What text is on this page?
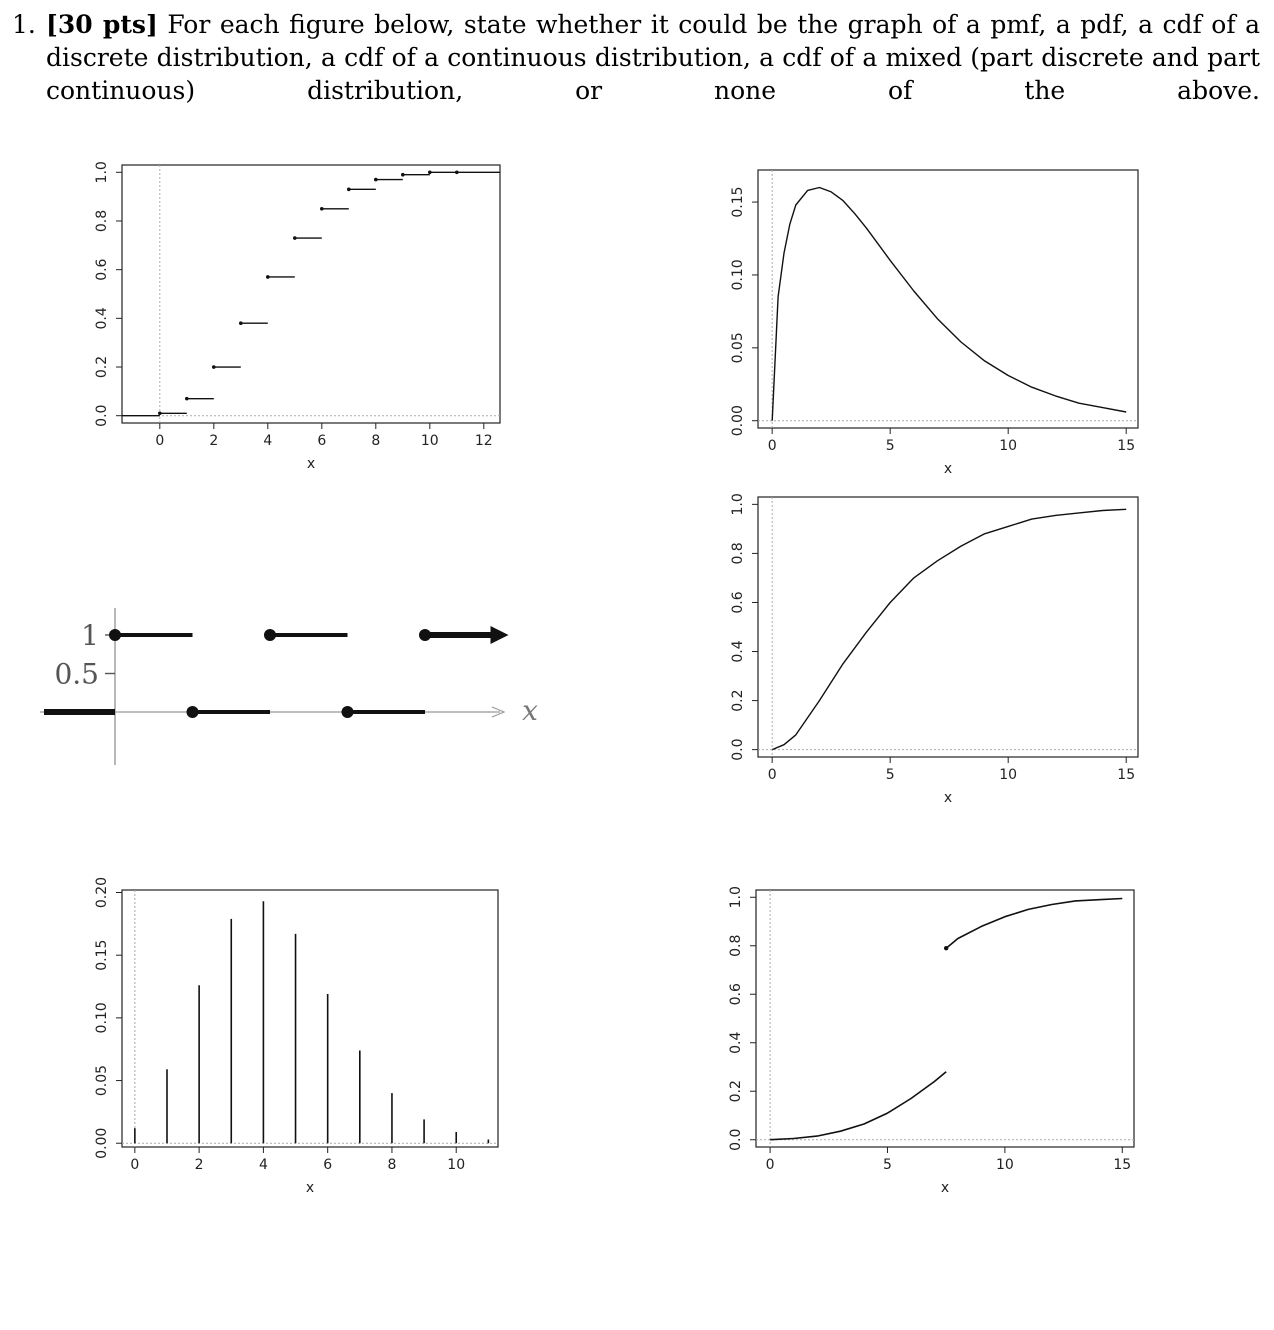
1. [30 pts] For each figure below, state whether it could be the graph of a pmf, a pdf, a cdf of a discrete distribution, a cdf of a continuous distribution, a cdf of a mixed (part discrete and part continuous) distribution, or none of the above.

0	2	4	6	8	10	12
0.0
0.2
0.4
0.6
0.8
1.0
x
0	5	10	15
0.00
0.05
0.10
0.15
x
x
1
0.5
0	5	10	15
0.0
0.2
0.4
0.6
0.8
1.0
x
0	2	4	6	8	10
0.00
0.05
0.10
0.15
0.20
x
0	5	10	15
0.0
0.2
0.4
0.6
0.8
1.0
x
